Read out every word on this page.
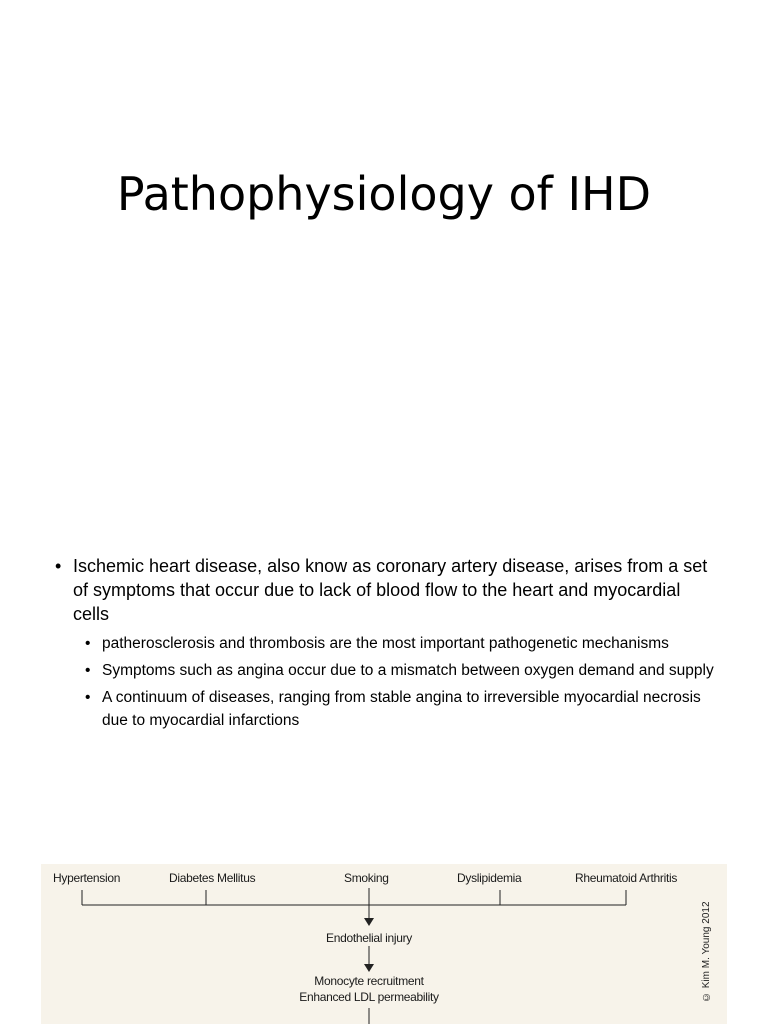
Pathophysiology of IHD
• Ischemic heart disease, also know as coronary artery disease, arises from a set of symptoms that occur due to lack of blood flow to the heart and myocardial cells
• patherosclerosis and thrombosis are the most important pathogenetic mechanisms
• Symptoms such as angina occur due to a mismatch between oxygen demand and supply
• A continuum of diseases, ranging from stable angina to irreversible myocardial necrosis due to myocardial infarctions
Hypertension	Diabetes Mellitus	Smoking	Dyslipidemia	Rheumatoid Arthritis
Endothelial injury
Monocyte recruitment
Enhanced LDL permeability	© Kim M. Young 2012
